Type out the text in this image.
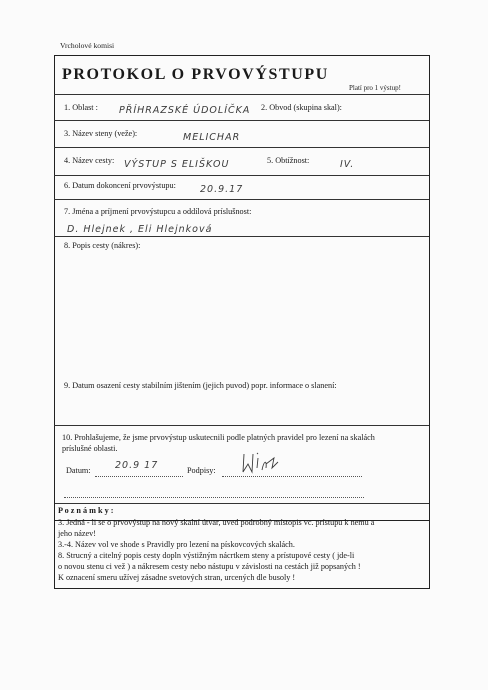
Vrcholové komisi
PROTOKOL O PRVOVÝSTUPU
Platí pro 1 výstup!
1. Oblast : PŘÍHRAZSKÉ ÚDOLÍČKA 2. Obvod (skupina skal):
3. Název steny (veže):	MELICHAR
4. Název cesty: VÝSTUP S ELIŠKOU	5. Obtížnost:	IV.
6. Datum dokoncení prvovýstupu:	20.9.17
7. Jména a príjmení prvovýstupcu a oddílová príslušnost:
D. Hlejnek , Eli Hlejnková
8. Popis cesty (nákres):
9. Datum osazení cesty stabilním jištením (jejich puvod) popr. informace o slanení:
10. Prohlašujeme, že jsme prvovýstup uskutecnili podle platných pravidel pro lezení na skalách
príslušné oblasti.
Datum:	20.9 17	Podpisy:
P o z n á m k y :
3. Jedná - li se o prvovýstup na nový skalní útvar, uved podrobný místopis vc. prístupu k nemu a
jeho název!
3.-4. Název vol ve shode s Pravidly pro lezení na pískovcových skalách.
8. Strucný a citelný popis cesty dopln výstižným nácrtkem steny a prístupové cesty ( jde-li
o novou stenu ci vež ) a nákresem cesty nebo nástupu v závislosti na cestách již popsaných !
K oznacení smeru užívej zásadne svetových stran, urcených dle busoly !
